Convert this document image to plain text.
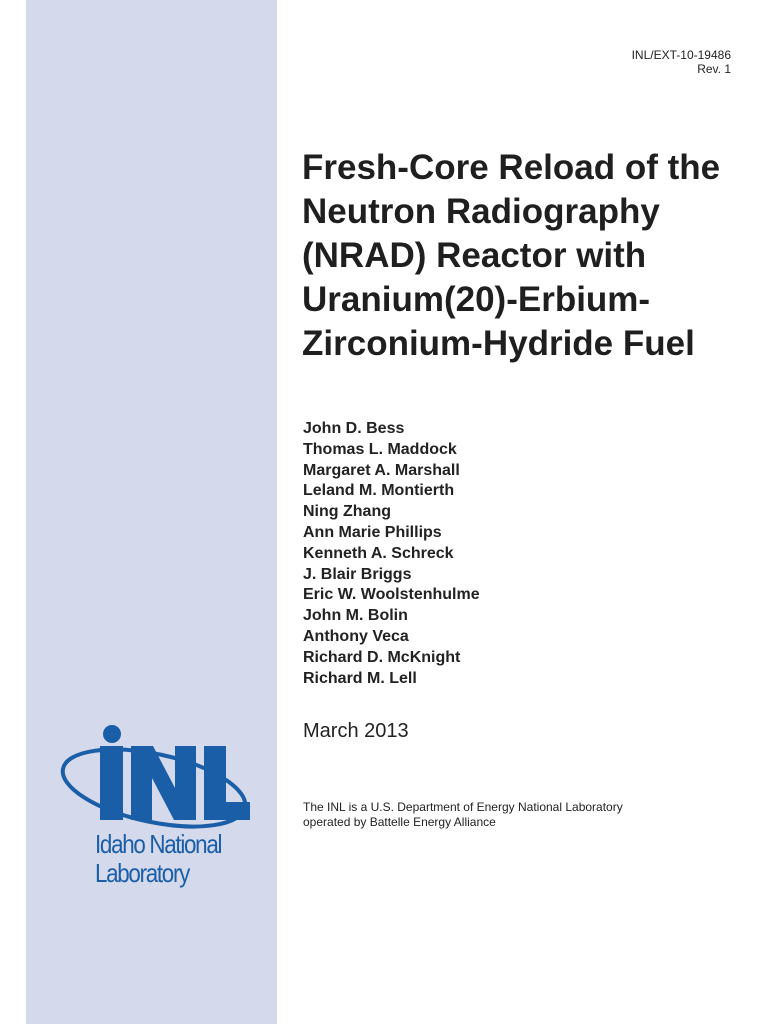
INL/EXT-10-19486
Rev. 1
Fresh-Core Reload of the
Neutron Radiography
(NRAD) Reactor with
Uranium(20)-Erbium-
Zirconium-Hydride Fuel
John D. Bess
Thomas L. Maddock
Margaret A. Marshall
Leland M. Montierth
Ning Zhang
Ann Marie Phillips
Kenneth A. Schreck
J. Blair Briggs
Eric W. Woolstenhulme
John M. Bolin
Anthony Veca
Richard D. McKnight
Richard M. Lell
March 2013
The INL is a U.S. Department of Energy National Laboratory
operated by Battelle Energy Alliance
Idaho National
Laboratory
